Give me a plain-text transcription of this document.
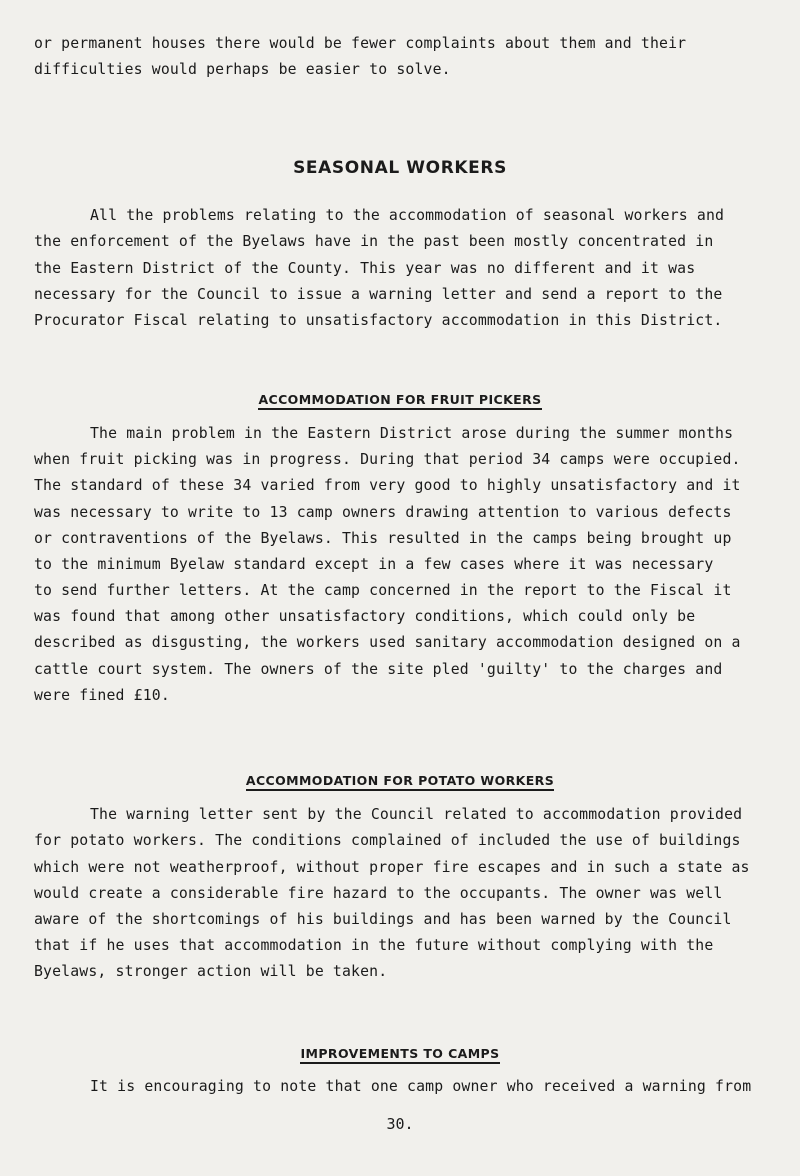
or permanent houses there would be fewer complaints about them and their

difficulties would perhaps be easier to solve.

SEASONAL WORKERS

All the problems relating to the accommodation of seasonal workers and

the enforcement of the Byelaws have in the past been mostly concentrated in

the Eastern District of the County. This year was no different and it was

necessary for the Council to issue a warning letter and send a report to the

Procurator Fiscal relating to unsatisfactory accommodation in this District.

ACCOMMODATION FOR FRUIT PICKERS

The main problem in the Eastern District arose during the summer months

when fruit picking was in progress. During that period 34 camps were occupied.

The standard of these 34 varied from very good to highly unsatisfactory and it

was necessary to write to 13 camp owners drawing attention to various defects

or contraventions of the Byelaws. This resulted in the camps being brought up

to the minimum Byelaw standard except in a few cases where it was necessary

to send further letters. At the camp concerned in the report to the Fiscal it

was found that among other unsatisfactory conditions, which could only be

described as disgusting, the workers used sanitary accommodation designed on a

cattle court system. The owners of the site pled 'guilty' to the charges and

were fined £10.

ACCOMMODATION FOR POTATO WORKERS

The warning letter sent by the Council related to accommodation provided

for potato workers. The conditions complained of included the use of buildings

which were not weatherproof, without proper fire escapes and in such a state as

would create a considerable fire hazard to the occupants. The owner was well

aware of the shortcomings of his buildings and has been warned by the Council

that if he uses that accommodation in the future without complying with the

Byelaws, stronger action will be taken.

IMPROVEMENTS TO CAMPS

It is encouraging to note that one camp owner who received a warning from

30.
